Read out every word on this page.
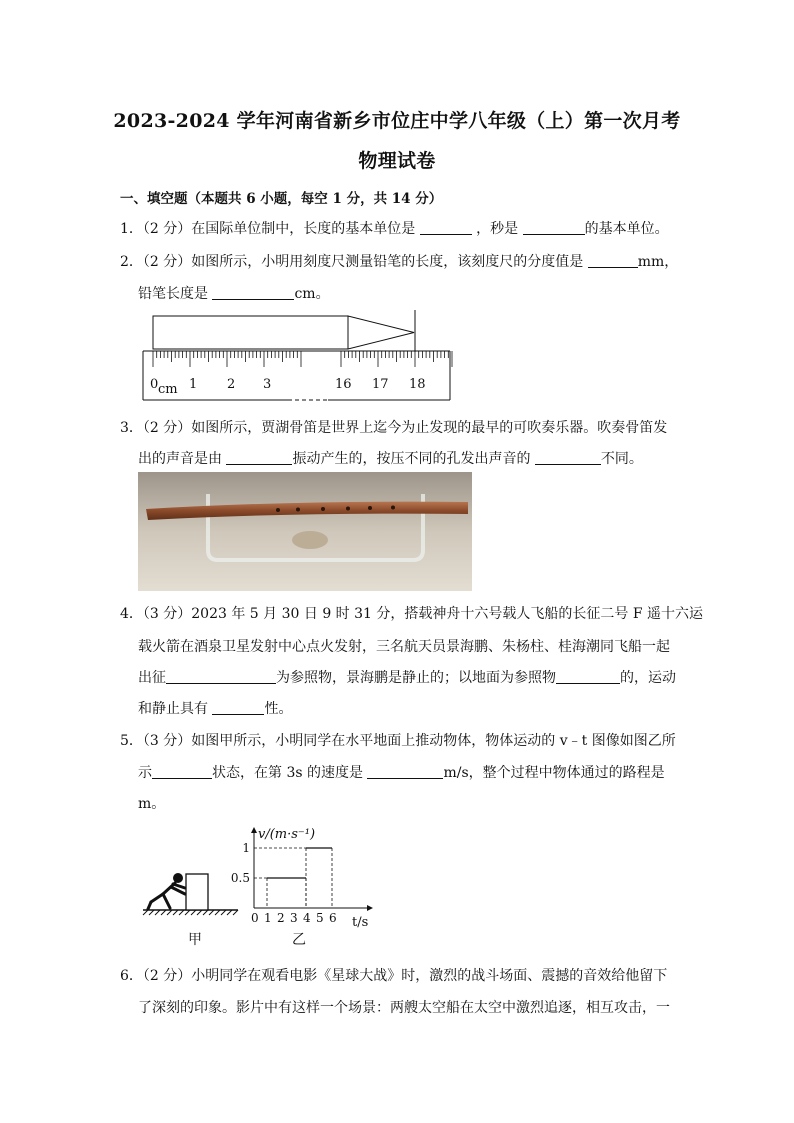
2023-2024 学年河南省新乡市位庄中学八年级（上）第一次月考
物理试卷
一、填空题（本题共 6 小题，每空 1 分，共 14 分）
1．（2 分）在国际单位制中，长度的基本单位是	，秒是	的基本单位。
2．（2 分）如图所示，小明用刻度尺测量铅笔的长度，该刻度尺的分度值是	mm，
铅笔长度是	cm。
0 cm 1 2 3	16 17 18
3．（2 分）如图所示，贾湖骨笛是世界上迄今为止发现的最早的可吹奏乐器。吹奏骨笛发
出的声音是由	振动产生的，按压不同的孔发出声音的	不同。
4．（3 分）2023 年 5 月 30 日 9 时 31 分，搭载神舟十六号载人飞船的长征二号 F 遥十六运
载火箭在酒泉卫星发射中心点火发射，三名航天员景海鹏、朱杨柱、桂海潮同飞船一起
出征	为参照物，景海鹏是静止的；以地面为参照物	的，运动
和静止具有	性。
5．（3 分）如图甲所示，小明同学在水平地面上推动物体，物体运动的 v﹣t 图像如图乙所
示	状态，在第 3s 的速度是	m/s，整个过程中物体通过的路程是
m。
甲
0 1 2 3 4 5 6
0.5
1
v/(m·s⁻¹)
t/s
乙
6．（2 分）小明同学在观看电影《星球大战》时，激烈的战斗场面、震撼的音效给他留下
了深刻的印象。影片中有这样一个场景：两艘太空船在太空中激烈追逐，相互攻击，一
